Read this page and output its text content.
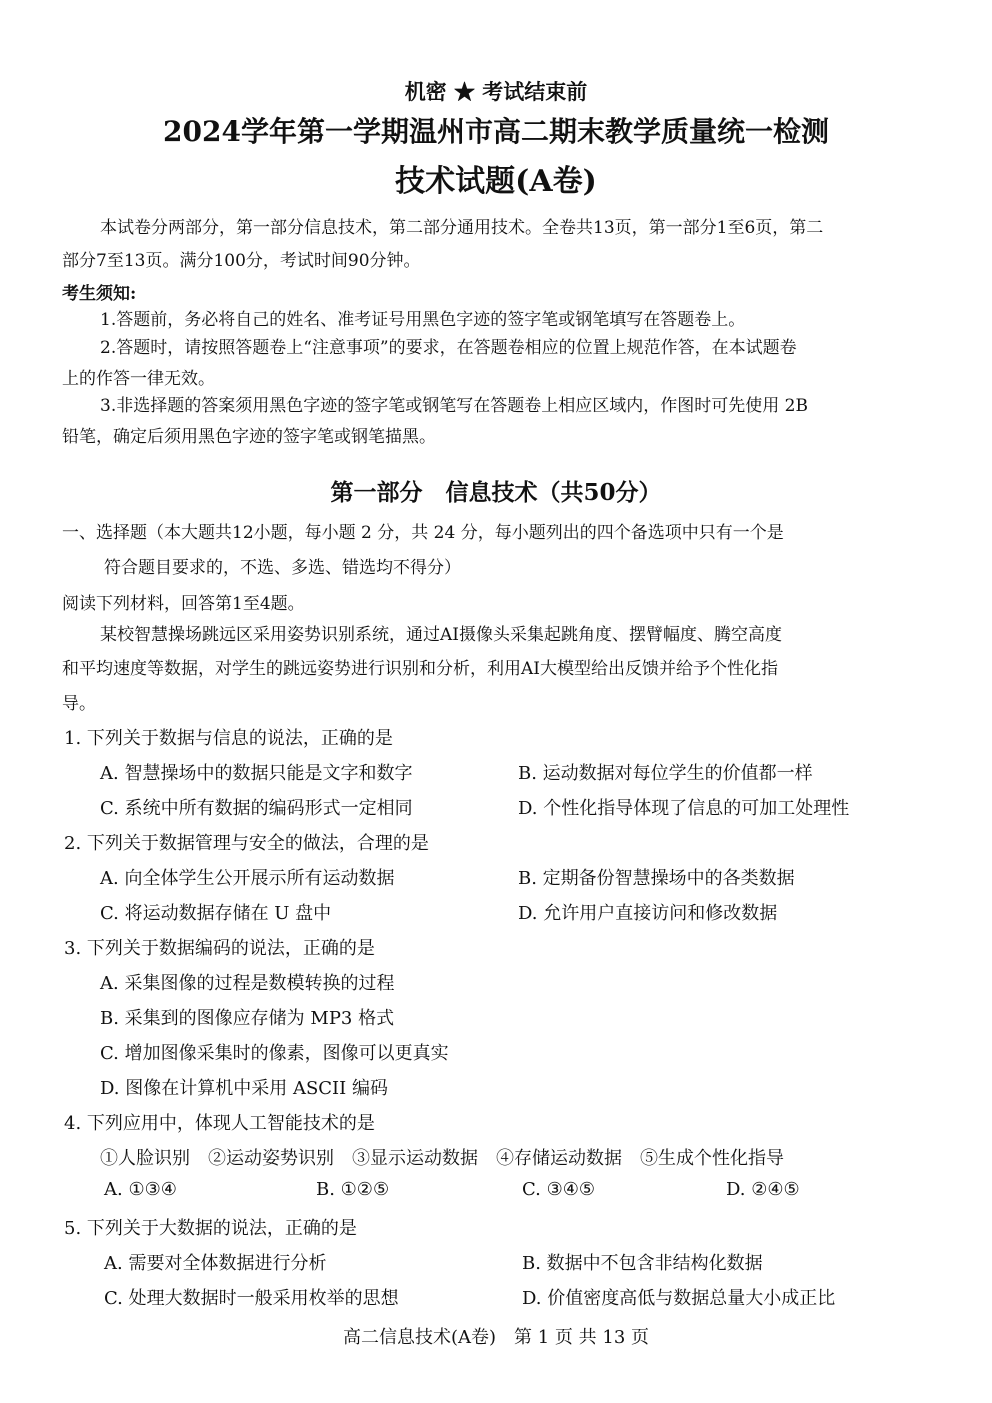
机密 ★ 考试结束前
2024学年第一学期温州市高二期末教学质量统一检测
技术试题(A卷)
本试卷分两部分，第一部分信息技术，第二部分通用技术。全卷共13页，第一部分1至6页，第二
部分7至13页。满分100分，考试时间90分钟。
考生须知:
1.答题前，务必将自己的姓名、准考证号用黑色字迹的签字笔或钢笔填写在答题卷上。
2.答题时，请按照答题卷上“注意事项”的要求，在答题卷相应的位置上规范作答，在本试题卷
上的作答一律无效。
3.非选择题的答案须用黑色字迹的签字笔或钢笔写在答题卷上相应区域内，作图时可先使用 2B
铅笔，确定后须用黑色字迹的签字笔或钢笔描黑。
第一部分　信息技术（共50分）
一、选择题（本大题共12小题，每小题 2 分，共 24 分，每小题列出的四个备选项中只有一个是
符合题目要求的，不选、多选、错选均不得分）
阅读下列材料，回答第1至4题。
某校智慧操场跳远区采用姿势识别系统，通过AI摄像头采集起跳角度、摆臂幅度、腾空高度
和平均速度等数据，对学生的跳远姿势进行识别和分析，利用AI大模型给出反馈并给予个性化指
导。
1. 下列关于数据与信息的说法，正确的是
A. 智慧操场中的数据只能是文字和数字	B. 运动数据对每位学生的价值都一样
C. 系统中所有数据的编码形式一定相同	D. 个性化指导体现了信息的可加工处理性
2. 下列关于数据管理与安全的做法，合理的是
A. 向全体学生公开展示所有运动数据	B. 定期备份智慧操场中的各类数据
C. 将运动数据存储在 U 盘中	D. 允许用户直接访问和修改数据
3. 下列关于数据编码的说法，正确的是
A. 采集图像的过程是数模转换的过程
B. 采集到的图像应存储为 MP3 格式
C. 增加图像采集时的像素，图像可以更真实
D. 图像在计算机中采用 ASCII 编码
4. 下列应用中，体现人工智能技术的是
①人脸识别　②运动姿势识别　③显示运动数据　④存储运动数据　⑤生成个性化指导
A. ①③④	B. ①②⑤	C. ③④⑤	D. ②④⑤
5. 下列关于大数据的说法，正确的是
A. 需要对全体数据进行分析	B. 数据中不包含非结构化数据
C. 处理大数据时一般采用枚举的思想	D. 价值密度高低与数据总量大小成正比
高二信息技术(A卷)　第 1 页 共 13 页
